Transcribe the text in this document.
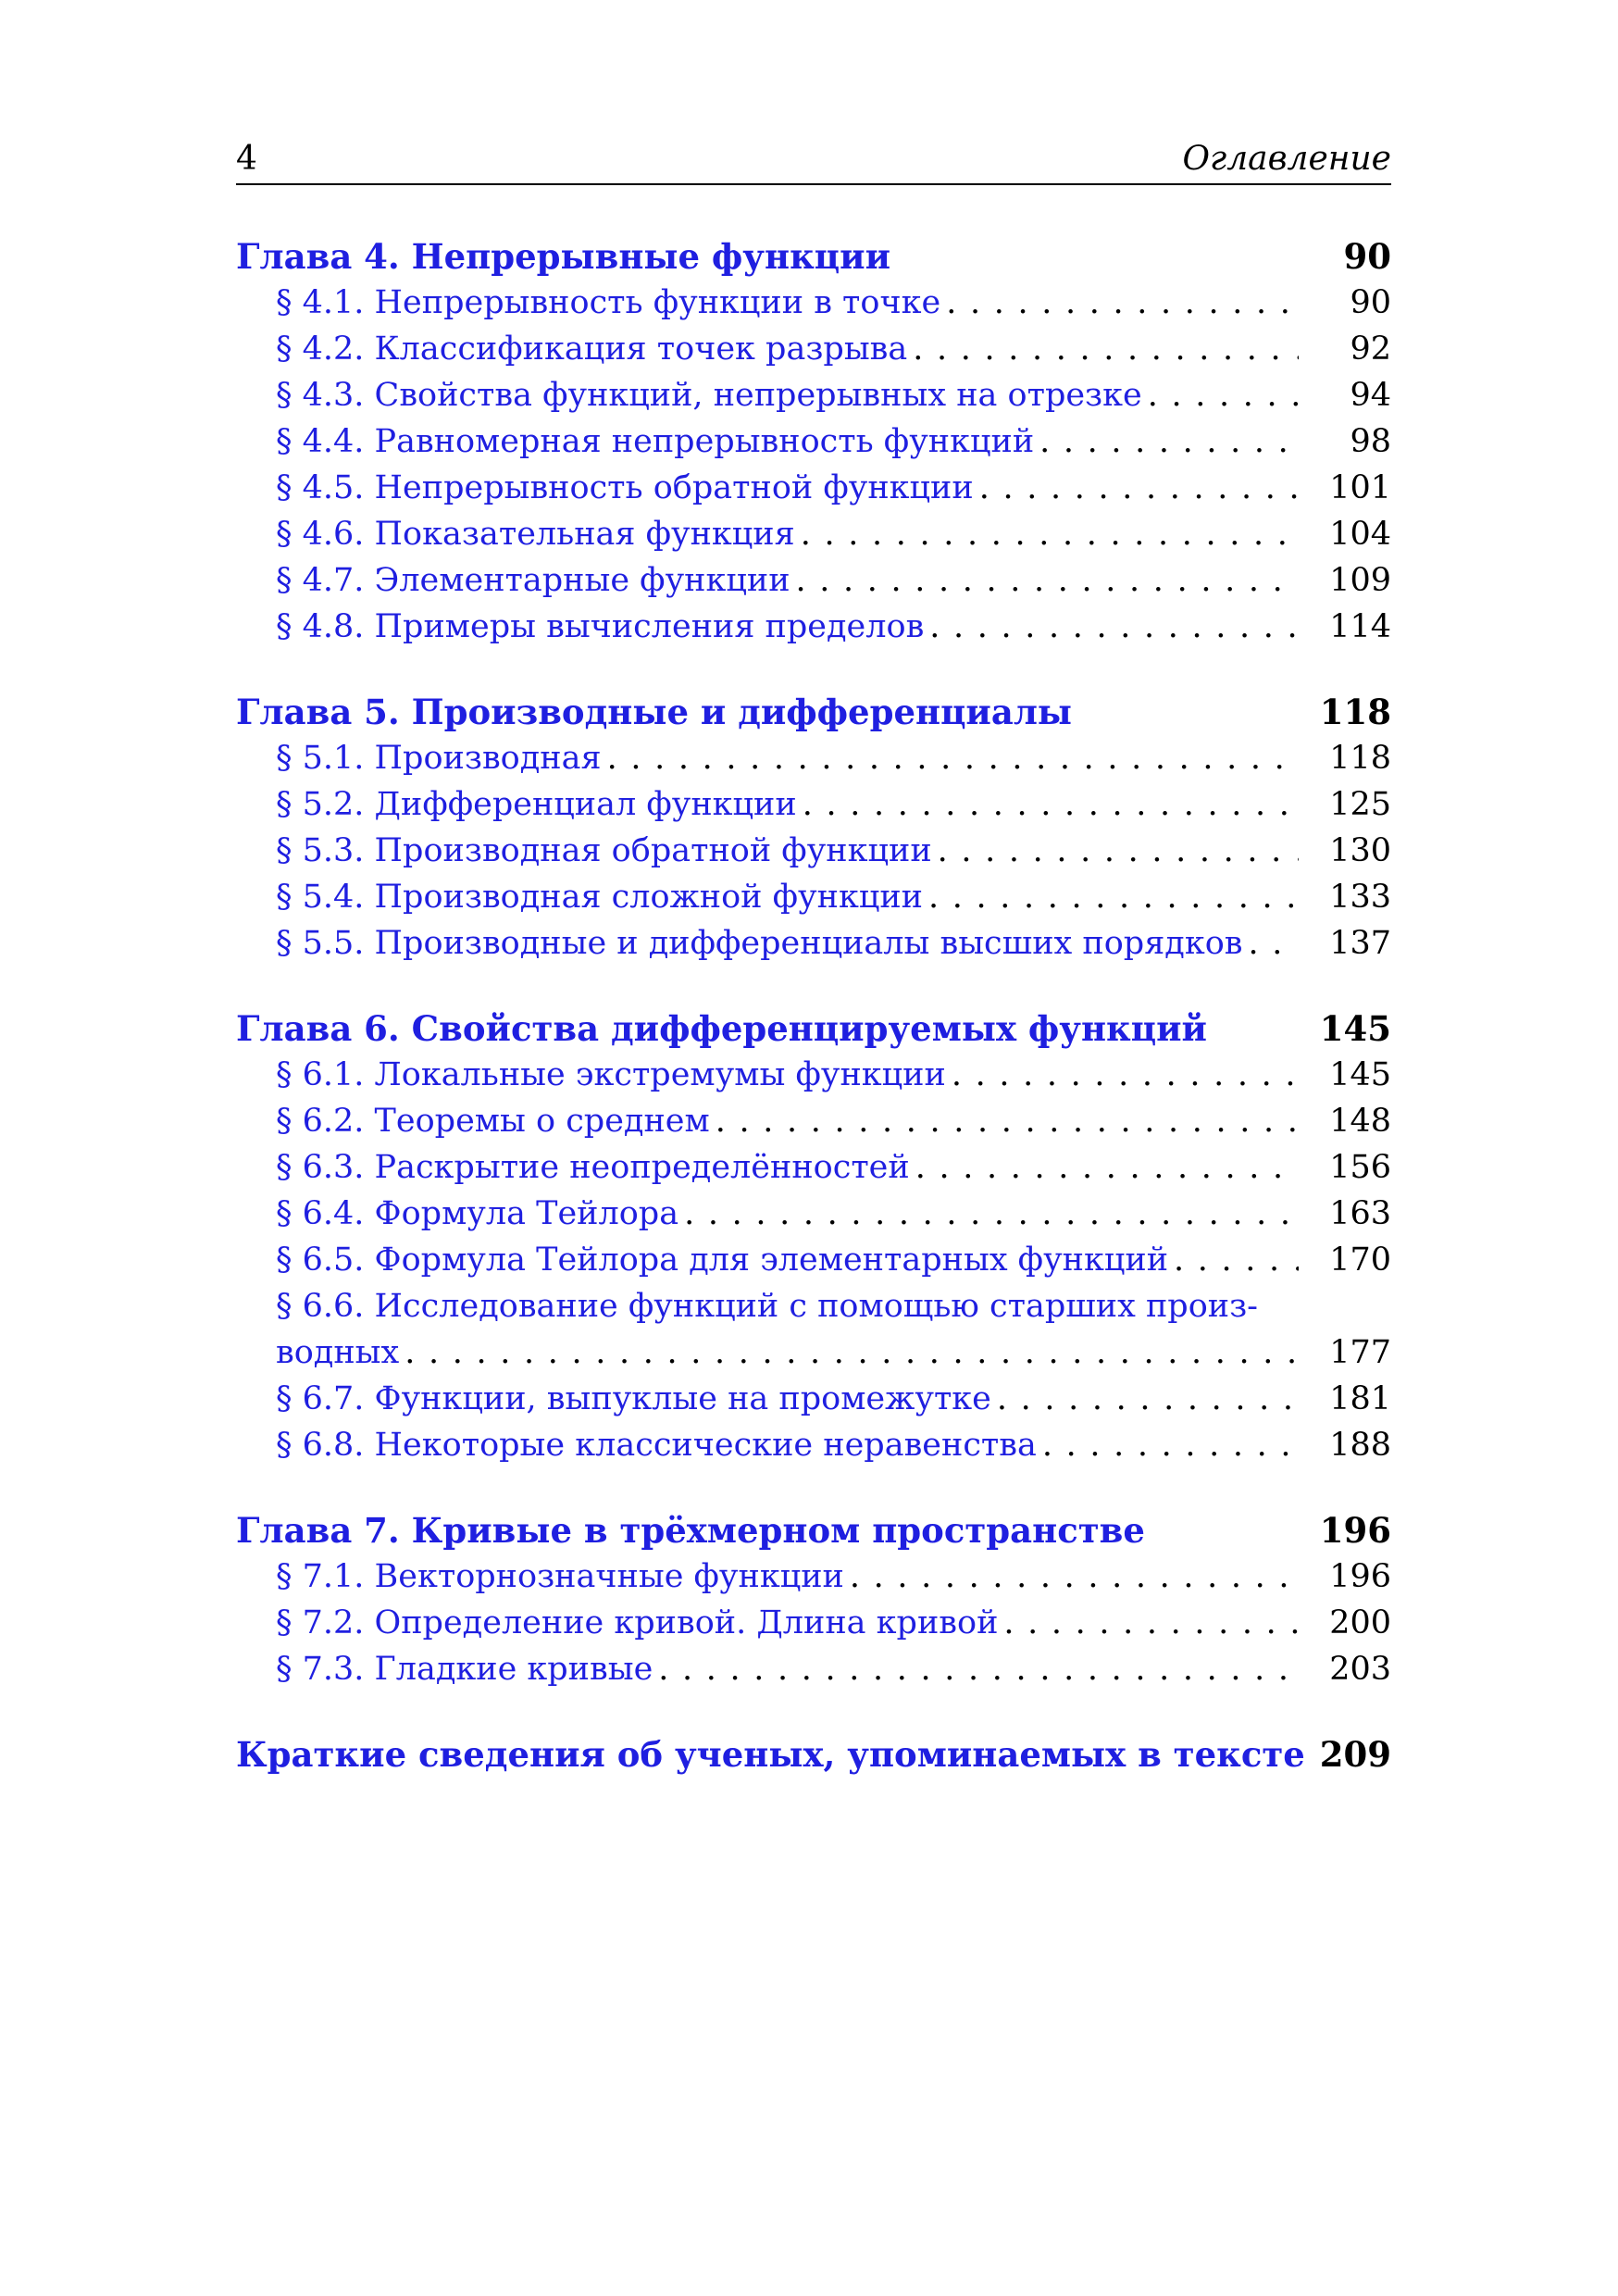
4	Оглавление
Глава 4. Непрерывные функции	90
§ 4.1. Непрерывность функции в точке . . .	90
§ 4.2. Классификация точек разрыва . . .	92
§ 4.3. Свойства функций, непрерывных на отрезке . . .	94
§ 4.4. Равномерная непрерывность функций . . .	98
§ 4.5. Непрерывность обратной функции . . .	101
§ 4.6. Показательная функция . . .	104
§ 4.7. Элементарные функции . . .	109
§ 4.8. Примеры вычисления пределов . . .	114
Глава 5. Производные и дифференциалы	118
§ 5.1. Производная . . .	118
§ 5.2. Дифференциал функции . . .	125
§ 5.3. Производная обратной функции . . .	130
§ 5.4. Производная сложной функции . . .	133
§ 5.5. Производные и дифференциалы высших порядков . . .	137
Глава 6. Свойства дифференцируемых функций	145
§ 6.1. Локальные экстремумы функции . . .	145
§ 6.2. Теоремы о среднем . . .	148
§ 6.3. Раскрытие неопределённостей . . .	156
§ 6.4. Формула Тейлора . . .	163
§ 6.5. Формула Тейлора для элементарных функций . . .	170
§ 6.6. Исследование функций с помощью старших произ-
водных . . .	177
§ 6.7. Функции, выпуклые на промежутке . . .	181
§ 6.8. Некоторые классические неравенства . . .	188
Глава 7. Кривые в трёхмерном пространстве	196
§ 7.1. Векторнозначные функции . . .	196
§ 7.2. Определение кривой. Длина кривой . . .	200
§ 7.3. Гладкие кривые . . .	203
Краткие сведения об ученых, упоминаемых в тексте 209
